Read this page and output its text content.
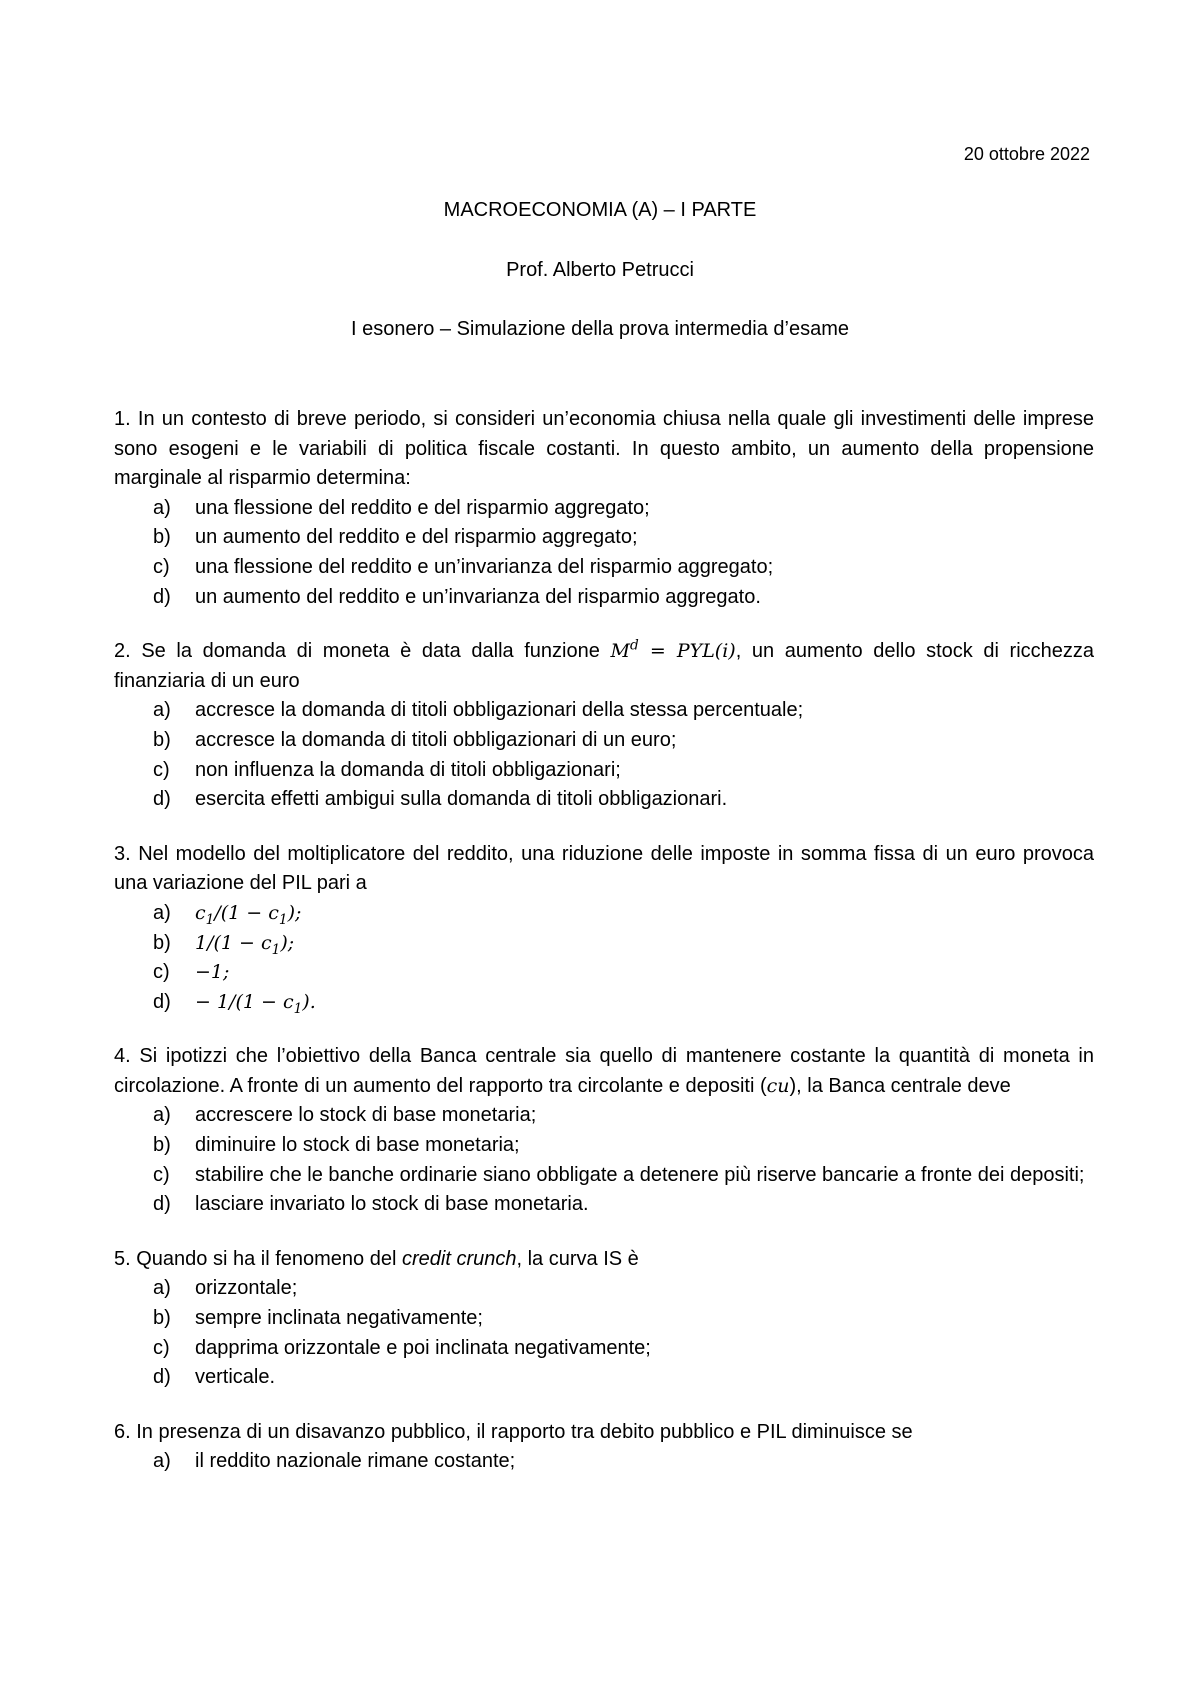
20 ottobre 2022
MACROECONOMIA (A) – I PARTE
Prof. Alberto Petrucci
I esonero – Simulazione della prova intermedia d’esame
1. In un contesto di breve periodo, si consideri un’economia chiusa nella quale gli investimenti delle imprese sono esogeni e le variabili di politica fiscale costanti. In questo ambito, un aumento della propensione marginale al risparmio determina:
a)	una flessione del reddito e del risparmio aggregato;
b)	un aumento del reddito e del risparmio aggregato;
c)	una flessione del reddito e un’invarianza del risparmio aggregato;
d)	un aumento del reddito e un’invarianza del risparmio aggregato.
2. Se la domanda di moneta è data dalla funzione $M^d = PYL(i)$, un aumento dello stock di ricchezza finanziaria di un euro
a)	accresce la domanda di titoli obbligazionari della stessa percentuale;
b)	accresce la domanda di titoli obbligazionari di un euro;
c)	non influenza la domanda di titoli obbligazionari;
d)	esercita effetti ambigui sulla domanda di titoli obbligazionari.
3. Nel modello del moltiplicatore del reddito, una riduzione delle imposte in somma fissa di un euro provoca una variazione del PIL pari a
a)	$c_1/(1 - c_1)$;
b)	$1/(1 - c_1)$;
c)	−1;
d)	− $1/(1 - c_1)$.
4. Si ipotizzi che l’obiettivo della Banca centrale sia quello di mantenere costante la quantità di moneta in circolazione. A fronte di un aumento del rapporto tra circolante e depositi (cu), la Banca centrale deve
a)	accrescere lo stock di base monetaria;
b)	diminuire lo stock di base monetaria;
c)	stabilire che le banche ordinarie siano obbligate a detenere più riserve bancarie a fronte dei depositi;
d)	lasciare invariato lo stock di base monetaria.
5. Quando si ha il fenomeno del credit crunch, la curva IS è
a)	orizzontale;
b)	sempre inclinata negativamente;
c)	dapprima orizzontale e poi inclinata negativamente;
d)	verticale.
6. In presenza di un disavanzo pubblico, il rapporto tra debito pubblico e PIL diminuisce se
a)	il reddito nazionale rimane costante;
